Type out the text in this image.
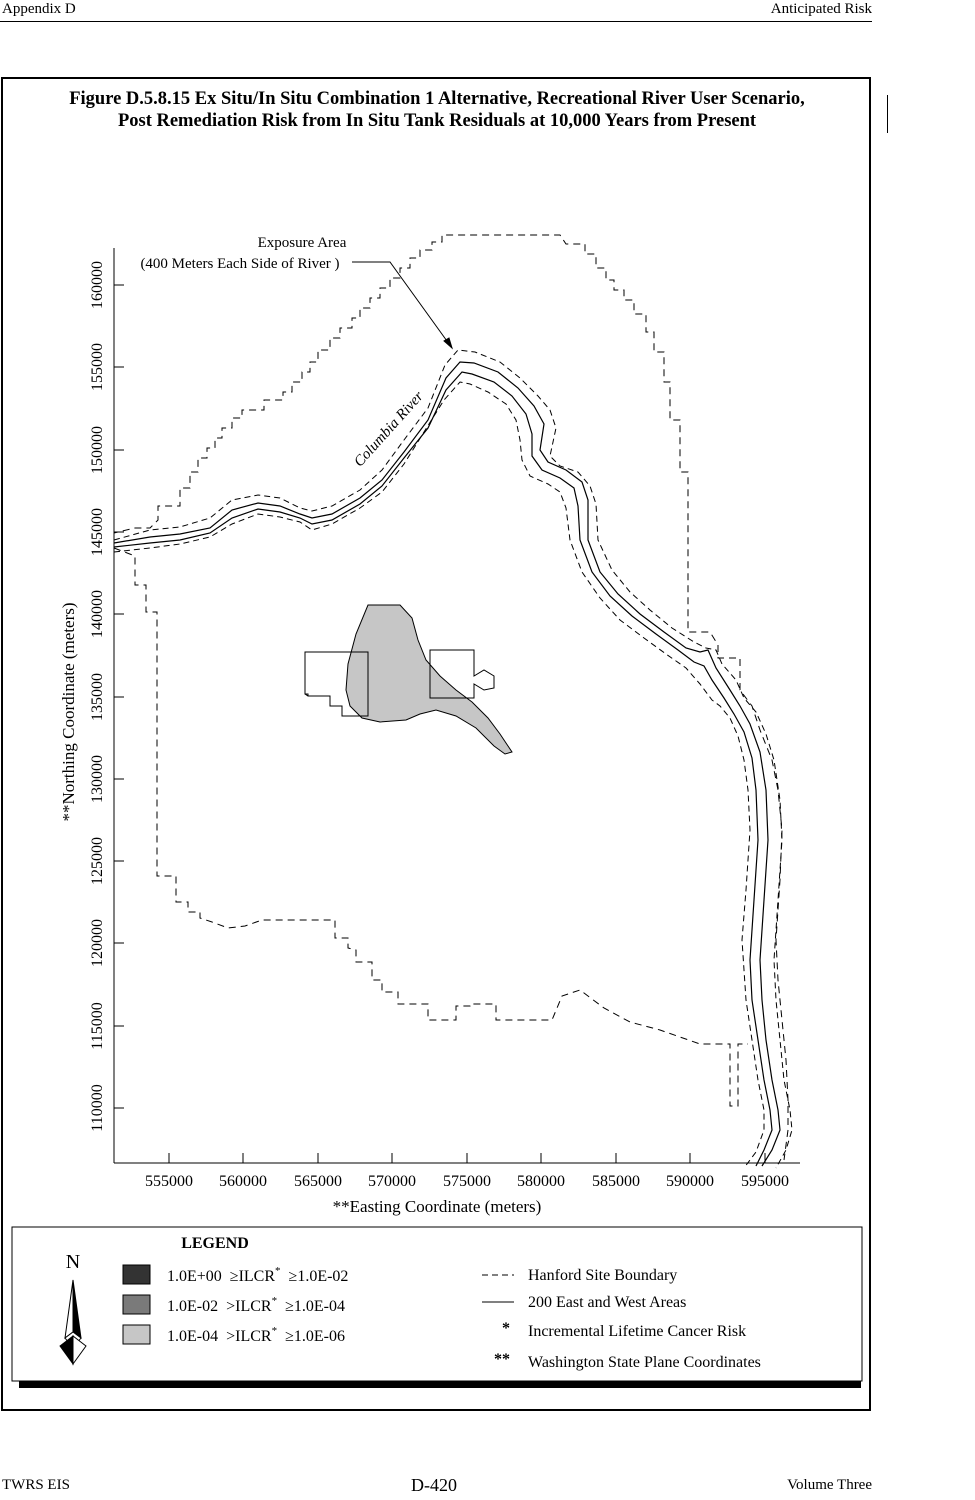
Appendix D	Anticipated Risk
Figure D.5.8.15 Ex Situ/In Situ Combination 1 Alternative, Recreational River User Scenario,
Post Remediation Risk from In Situ Tank Residuals at 10,000 Years from Present
Exposure Area
(400 Meters Each Side of River )
Columbia River
555000 560000 565000 570000 575000 580000 585000 590000 595000
160000
155000
150000
145000
140000
135000
130000
125000
120000
115000
110000
**Northing Coordinate (meters)
**Easting Coordinate (meters)
LEGEND
N
1.0E+00 ≥ILCR* ≥1.0E-02
1.0E-02 >ILCR* ≥1.0E-04
1.0E-04 >ILCR* ≥1.0E-06
Hanford Site Boundary
200 East and West Areas
* Incremental Lifetime Cancer Risk
** Washington State Plane Coordinates
TWRS EIS	D-420	Volume Three
